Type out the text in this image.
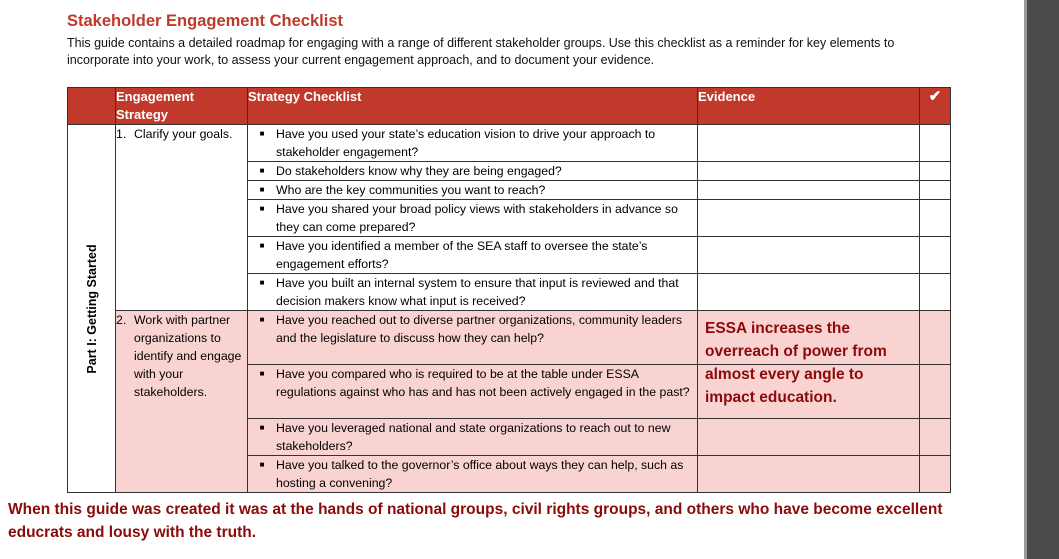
Stakeholder Engagement Checklist
This guide contains a detailed roadmap for engaging with a range of different stakeholder groups. Use this checklist as a reminder for key elements to incorporate into your work, to assess your current engagement approach, and to document your evidence.
	Engagement Strategy	Strategy Checklist	Evidence	✔

Part I: Getting Started	1. Clarify your goals.	■ Have you used your state’s education vision to drive your approach to stakeholder engagement?		

		■ Do stakeholders know why they are being engaged?		

		■ Who are the key communities you want to reach?		

		■ Have you shared your broad policy views with stakeholders in advance so they can come prepared?		

		■ Have you identified a member of the SEA staff to oversee the state’s engagement efforts?		

		■ Have you built an internal system to ensure that input is reviewed and that decision makers know what input is received?		

	2. Work with partner organizations to identify and engage with your stakeholders.	■ Have you reached out to diverse partner organizations, community leaders and the legislature to discuss how they can help?		

		■ Have you compared who is required to be at the table under ESSA regulations against who has and has not been actively engaged in the past?		

		■ Have you leveraged national and state organizations to reach out to new stakeholders?		

		■ Have you talked to the governor’s office about ways they can help, such as hosting a convening?		

ESSA increases the overreach of power from almost every angle to impact education.
When this guide was created it was at the hands of national groups, civil rights groups, and others who have become excellent educrats and lousy with the truth.
